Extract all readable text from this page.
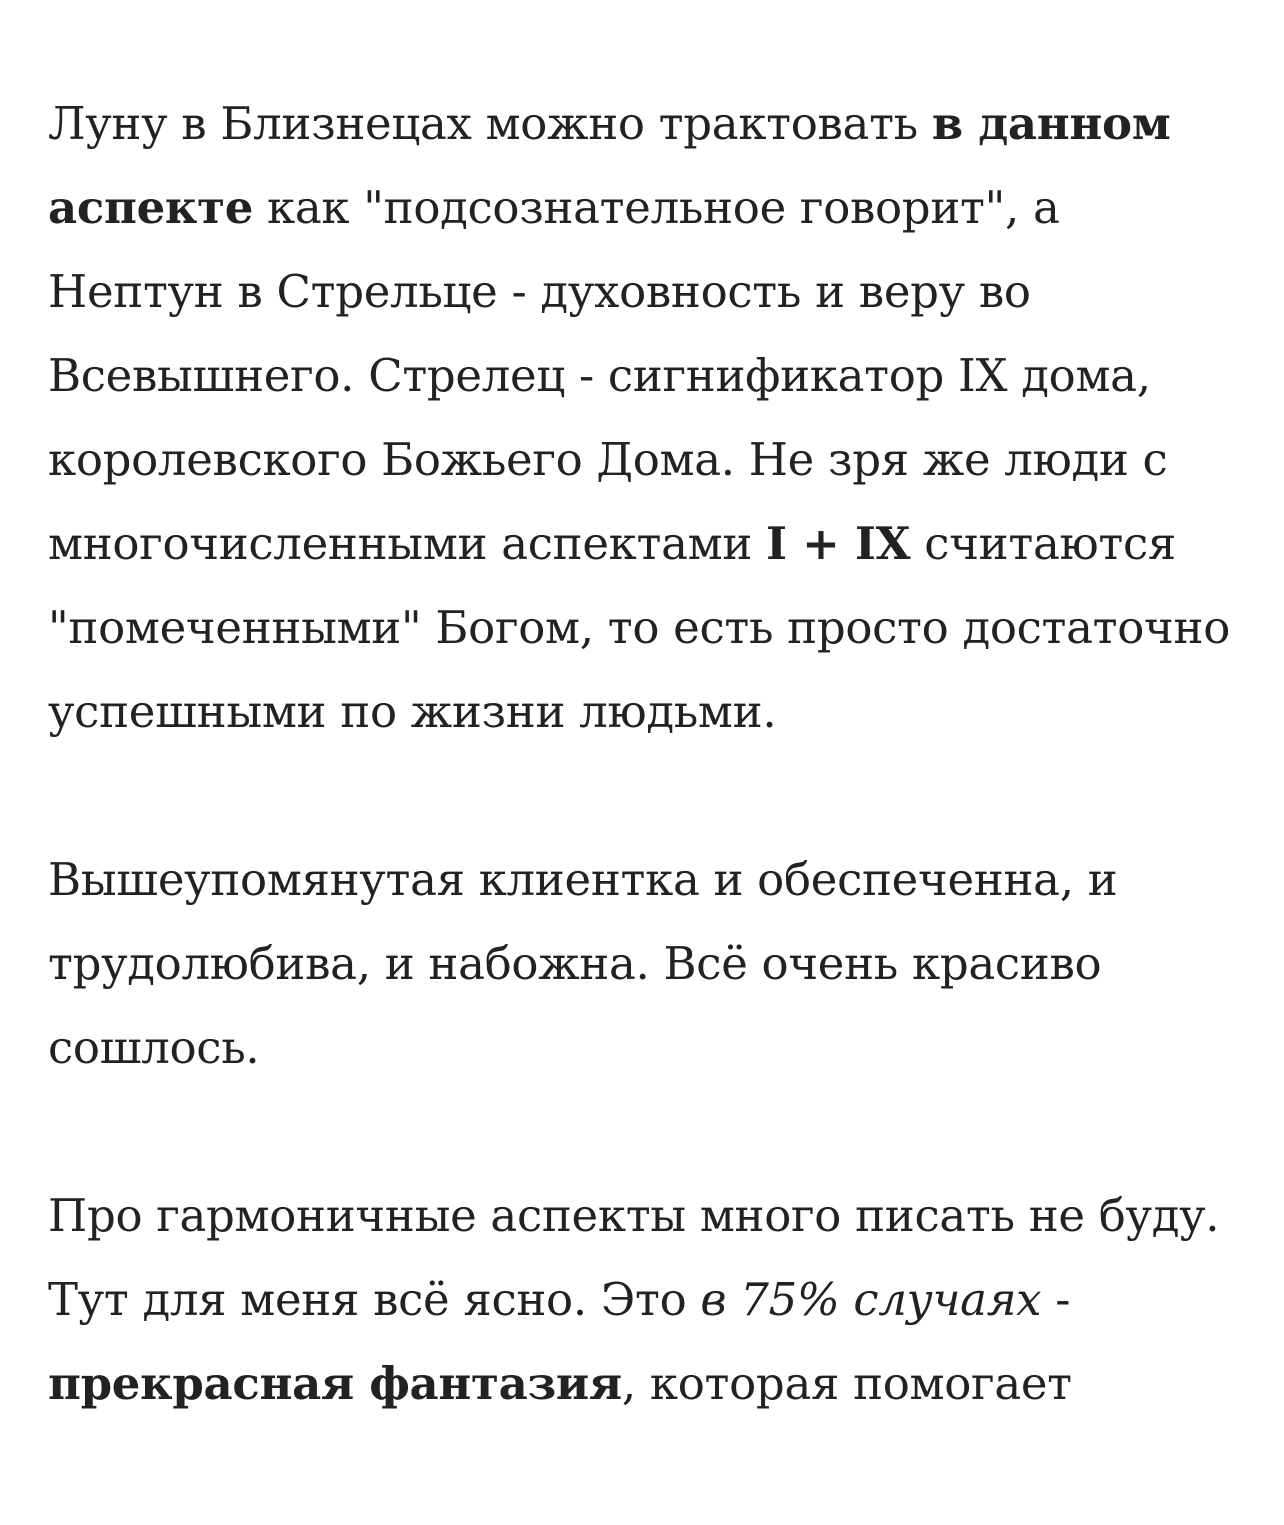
Луну в Близнецах можно трактовать в данном аспекте как "подсознательное говорит", а Нептун в Стрельце - духовность и веру во Всевышнего. Стрелец - сигнификатор IX дома, королевского Божьего Дома. Не зря же люди с многочисленными аспектами I + IX считаются "помеченными" Богом, то есть просто достаточно успешными по жизни людьми.

Вышеупомянутая клиентка и обеспеченна, и трудолюбива, и набожна. Всё очень красиво сошлось.

Про гармоничные аспекты много писать не буду. Тут для меня всё ясно. Это в 75% случаях - прекрасная фантазия, которая помогает
